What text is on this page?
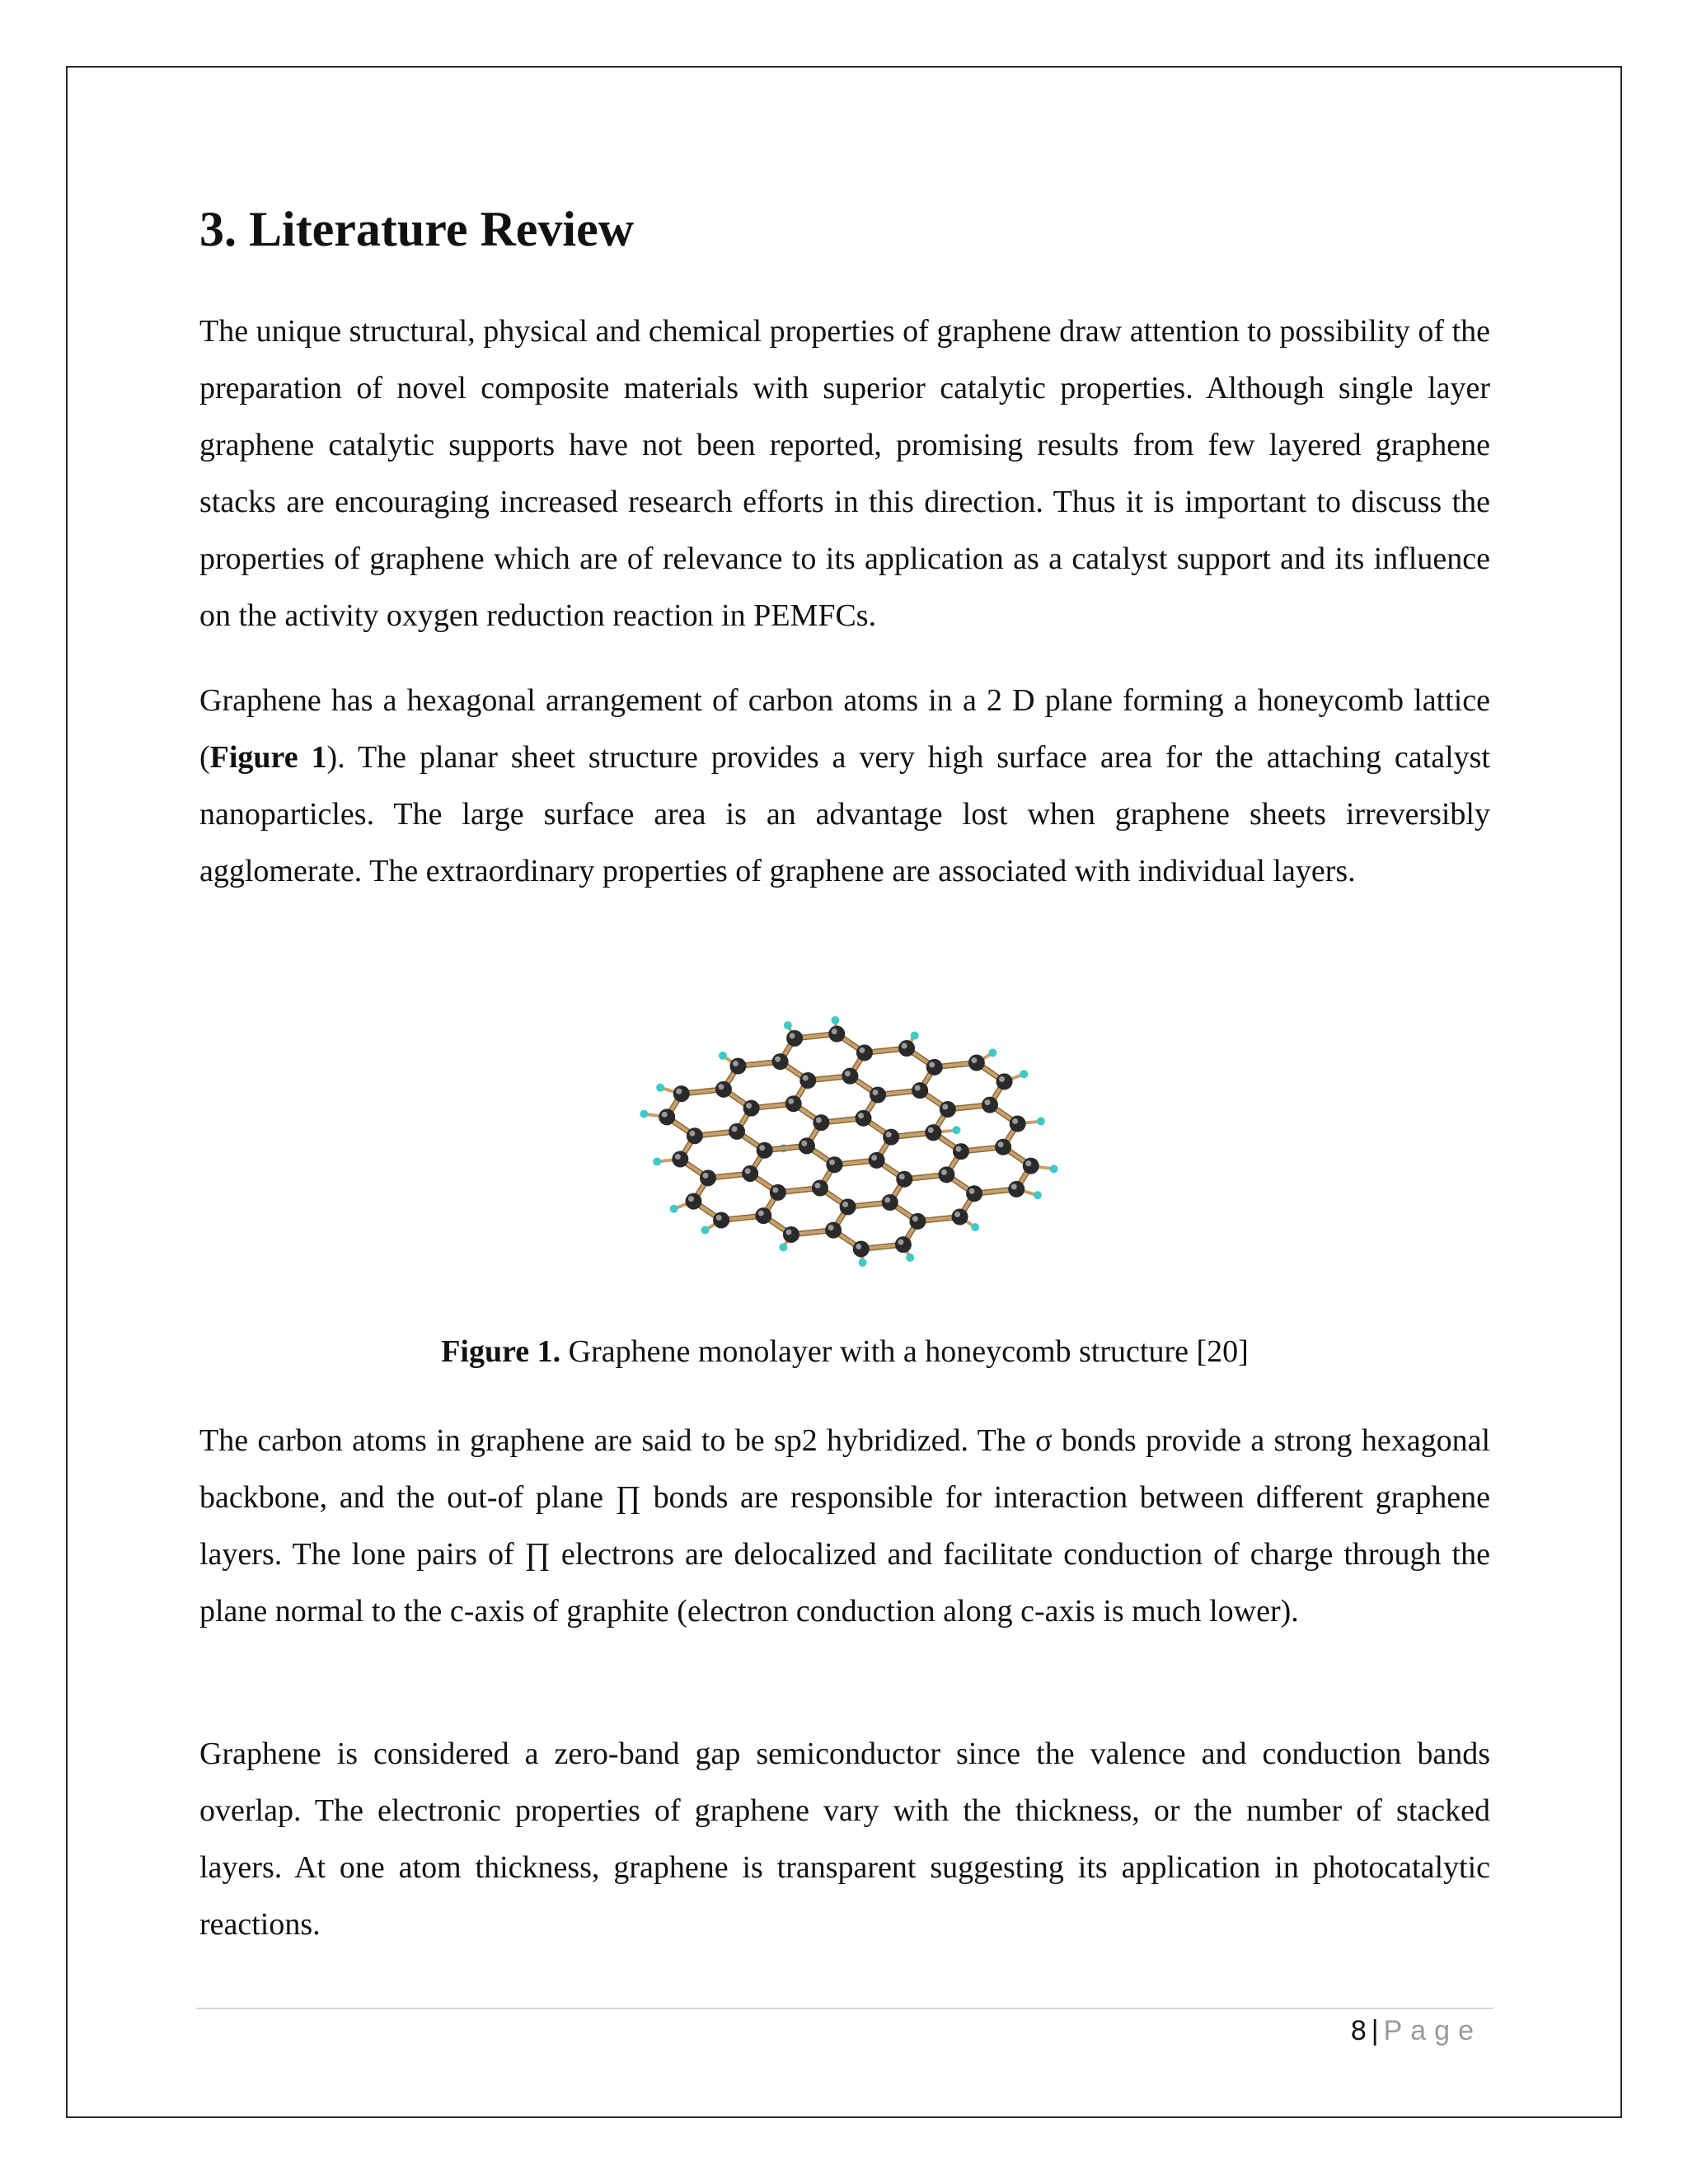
3. Literature Review

The unique structural, physical and chemical properties of graphene draw attention to possibility of the preparation of novel composite materials with superior catalytic properties. Although single layer graphene catalytic supports have not been reported, promising results from few layered graphene stacks are encouraging increased research efforts in this direction. Thus it is important to discuss the properties of graphene which are of relevance to its application as a catalyst support and its influence on the activity oxygen reduction reaction in PEMFCs.

Graphene has a hexagonal arrangement of carbon atoms in a 2 D plane forming a honeycomb lattice (Figure 1). The planar sheet structure provides a very high surface area for the attaching catalyst nanoparticles. The large surface area is an advantage lost when graphene sheets irreversibly agglomerate. The extraordinary properties of graphene are associated with individual layers.

Figure 1. Graphene monolayer with a honeycomb structure [20]

The carbon atoms in graphene are said to be sp2 hybridized. The σ bonds provide a strong hexagonal backbone, and the out-of plane ∏ bonds are responsible for interaction between different graphene layers. The lone pairs of ∏ electrons are delocalized and facilitate conduction of charge through the plane normal to the c-axis of graphite (electron conduction along c-axis is much lower).

Graphene is considered a zero-band gap semiconductor since the valence and conduction bands overlap. The electronic properties of graphene vary with the thickness, or the number of stacked layers. At one atom thickness, graphene is transparent suggesting its application in photocatalytic reactions.

8 | Page
